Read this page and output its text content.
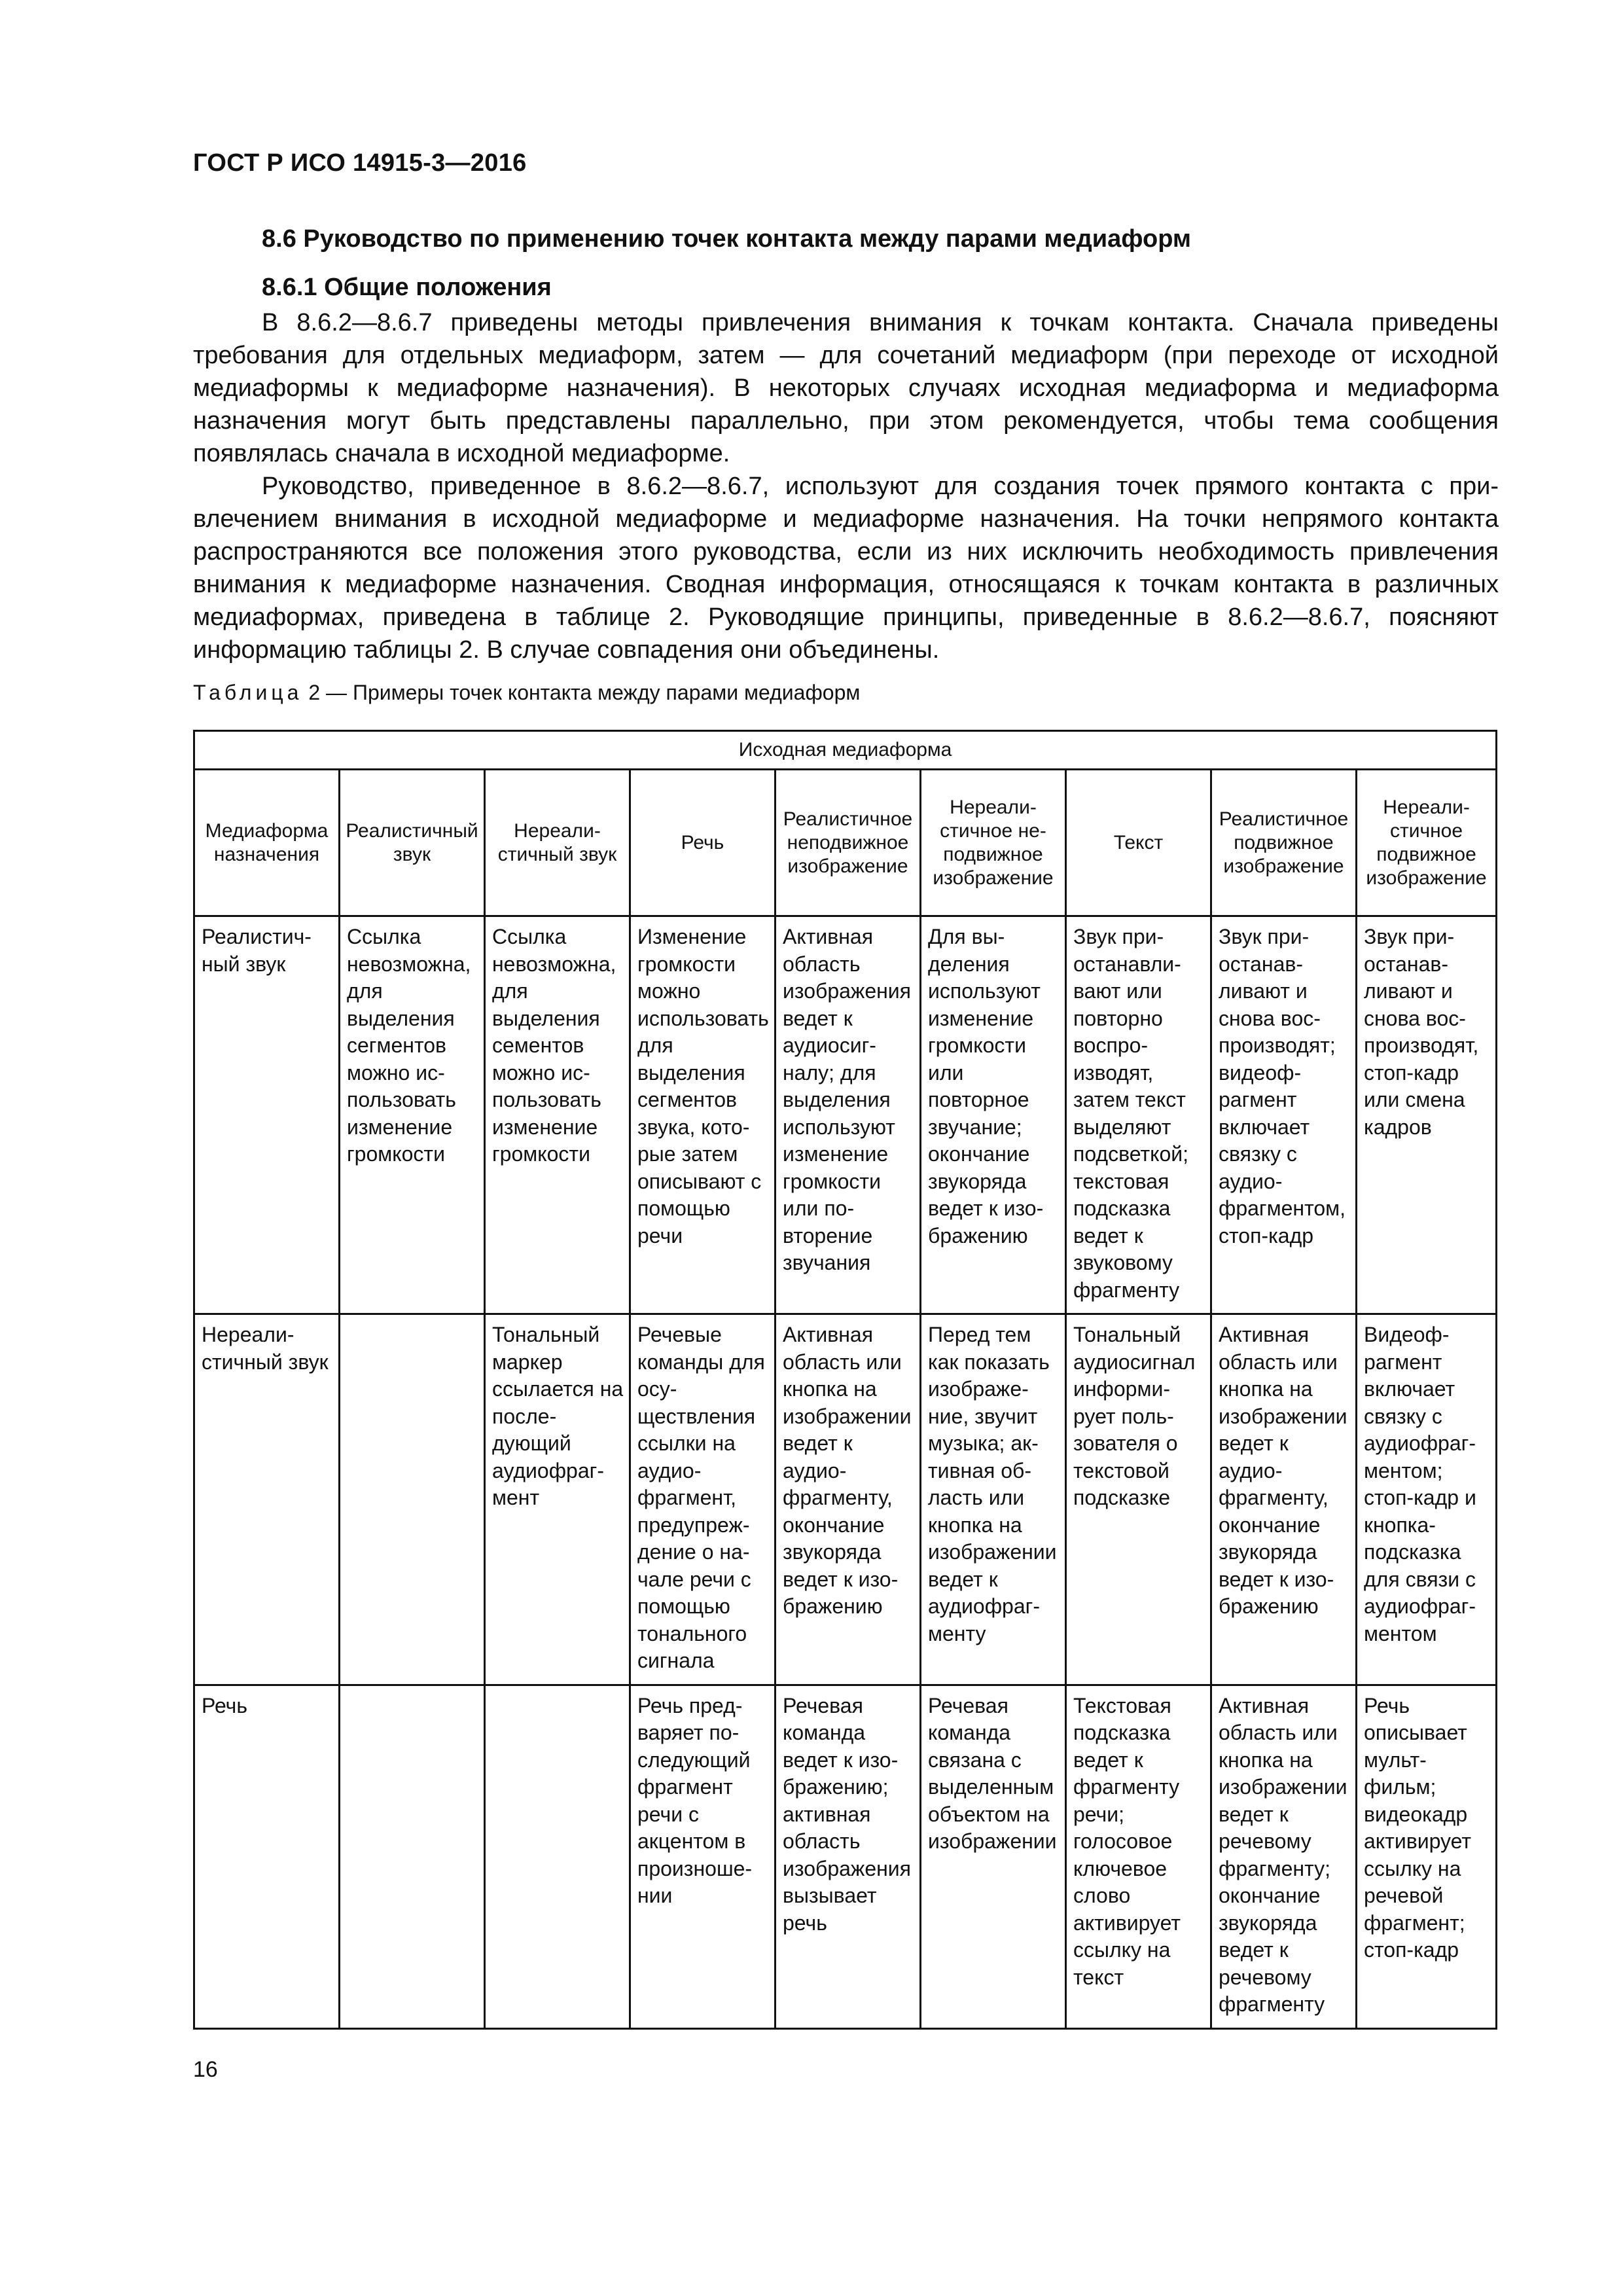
ГОСТ Р ИСО 14915-3—2016
8.6 Руководство по применению точек контакта между парами медиаформ
8.6.1 Общие положения

В 8.6.2—8.6.7 приведены методы привлечения внимания к точкам контакта. Сначала приведены требования для отдельных медиаформ, затем — для сочетаний медиаформ (при переходе от исходной медиаформы к медиаформе назначения). В некоторых случаях исходная медиаформа и медиаформа назначения могут быть представлены параллельно, при этом рекомендуется, чтобы тема сообщения появлялась сначала в исходной медиаформе.

Руководство, приведенное в 8.6.2—8.6.7, используют для создания точек прямого контакта с привлечением внимания в исходной медиаформе и медиаформе назначения. На точки непрямого контакта распространяются все положения этого руководства, если из них исключить необходимость привлечения внимания к медиаформе назначения. Сводная информация, относящаяся к точкам контакта в различных медиаформах, приведена в таблице 2. Руководящие принципы, приведенные в 8.6.2—8.6.7, поясняют информацию таблицы 2. В случае совпадения они объединены.

Таблица 2 — Примеры точек контакта между парами медиаформ
Исходная медиаформа								
Медиаформа назначения	Реалистичный звук	Нереалистичный звук	Речь	Реалистичное неподвижное изображение	Нереалистичное неподвижное изображение	Текст	Реалистичное подвижное изображение	Нереалистичное подвижное изображение
Реалистичный звук	Ссылка невозможна, для выделения сегментов можно использовать изменение громкости	Ссылка невозможна, для выделения сементов можно использовать изменение громкости	Изменение громкости можно использовать для выделения сегментов звука, которые затем описывают с помощью речи	Активная область изображения ведет к аудиосигналу; для выделения используют изменение громкости или повторение звучания	Для выделения используют изменение громкости или повторное звучание; окончание звукоряда ведет к изображению	Звук приостанавливают или повторно воспроизводят, затем текст выделяют подсветкой; текстовая подсказка ведет к звуковому фрагменту	Звук приостанавливают и снова воспроизводят; видеофрагмент включает связку с аудиофрагментом, стоп-кадр	Звук приостанавливают и снова воспроизводят, стоп-кадр или смена кадров
Нереалистичный звук		Тональный маркер ссылается на последующий аудиофрагмент	Речевые команды для осуществления ссылки на аудиофрагмент, предупреждение о начале речи с помощью тонального сигнала	Активная область или кнопка на изображении ведет к аудиофрагменту, окончание звукоряда ведет к изображению	Перед тем как показать изображение, звучит музыка; активная область или кнопка на изображении ведет к аудиофрагменту	Тональный аудиосигнал информирует пользователя о текстовой подсказке	Активная область или кнопка на изображении ведет к аудиофрагменту, окончание звукоряда ведет к изображению	Видеофрагмент включает связку с аудиофрагментом; стоп-кадр и кнопка-подсказка для связи с аудиофрагментом
Речь			Речь предваряет последующий фрагмент речи с акцентом в произношении	Речевая команда ведет к изображению; активная область изображения вызывает речь	Речевая команда связана с выделенным объектом на изображении	Текстовая подсказка ведет к фрагменту речи; голосовое ключевое слово активирует ссылку на текст	Активная область или кнопка на изображении ведет к речевому фрагменту; окончание звукоряда ведет к речевому фрагменту	Речь описывает мультфильм; видеокадр активирует ссылку на речевой фрагмент; стоп-кадр
16
